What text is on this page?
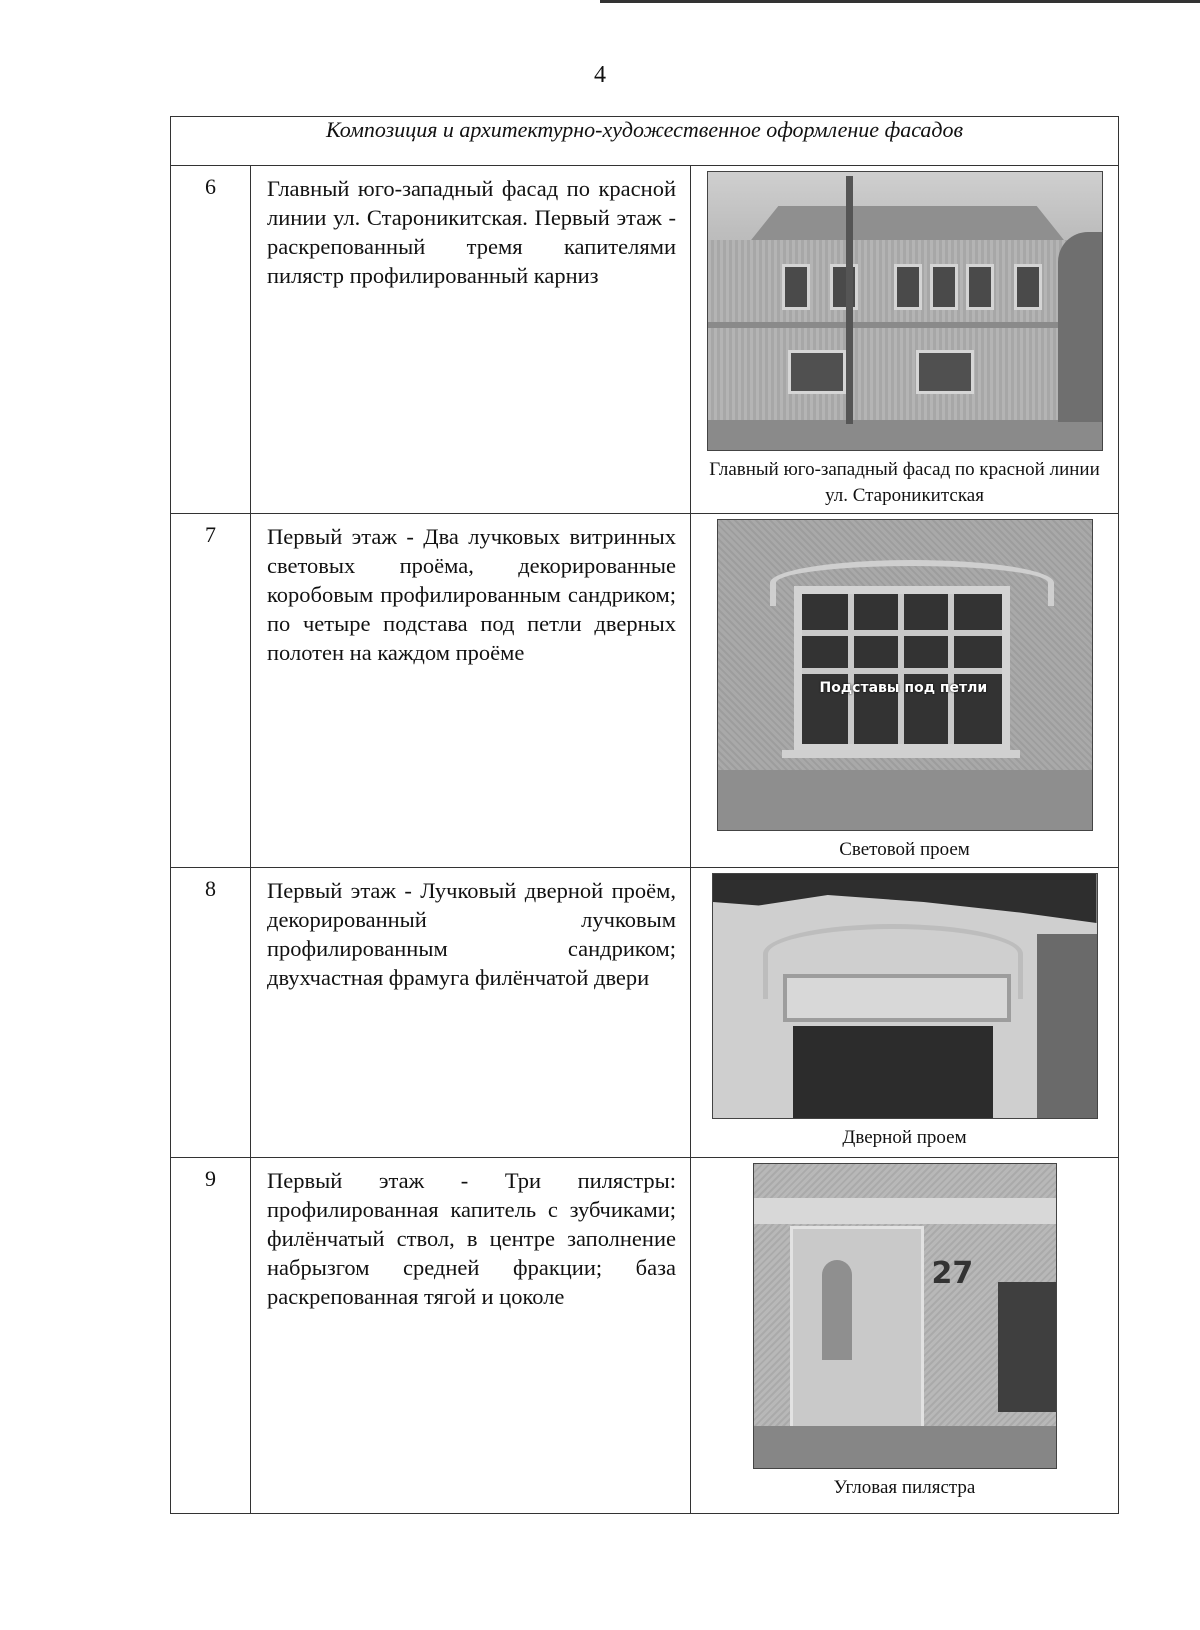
4
Композиция и архитектурно-художественное оформление фасадов		
6	Главный юго-западный фасад по красной линии ул. Староникитская. Первый этаж - раскрепованный тремя капителями пилястр профилированный карниз	Главный юго-западный фасад по красной линии ул. Староникитская

7	Первый этаж - Два лучковых витринных световых проёма, декорированные коробовым профилированным сандриком; по четыре подстава под петли дверных полотен на каждом проёме	Подставы под петли
Световой проем

8	Первый этаж - Лучковый дверной проём, декорированный лучковым профилированным сандриком; двухчастная фрамуга филёнчатой двери	Дверной проем

9	Первый этаж - Три пилястры: профилированная капитель с зубчиками; филёнчатый ствол, в центре заполнение набрызгом средней фракции; база раскрепованная тягой и цоколе	27
Угловая пилястра
